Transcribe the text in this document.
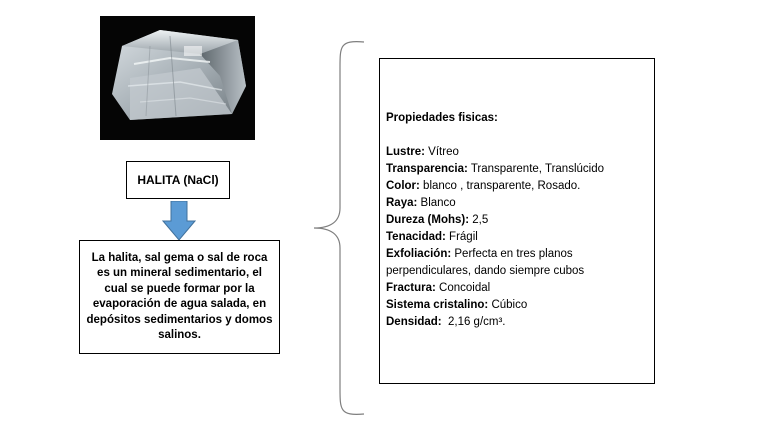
HALITA (NaCl)
La halita, sal gema o sal de roca es un mineral sedimentario, el cual se puede formar por la evaporación de agua salada, en depósitos sedimentarios y domos salinos.
Propiedades fisicas:
Lustre: Vítreo
Transparencia: Transparente, Translúcido
Color: blanco , transparente, Rosado.
Raya: Blanco
Dureza (Mohs): 2,5
Tenacidad: Frágil
Exfoliación: Perfecta en tres planos perpendiculares, dando siempre cubos
Fractura: Concoidal
Sistema cristalino: Cúbico
Densidad:  2,16 g/cm³.
